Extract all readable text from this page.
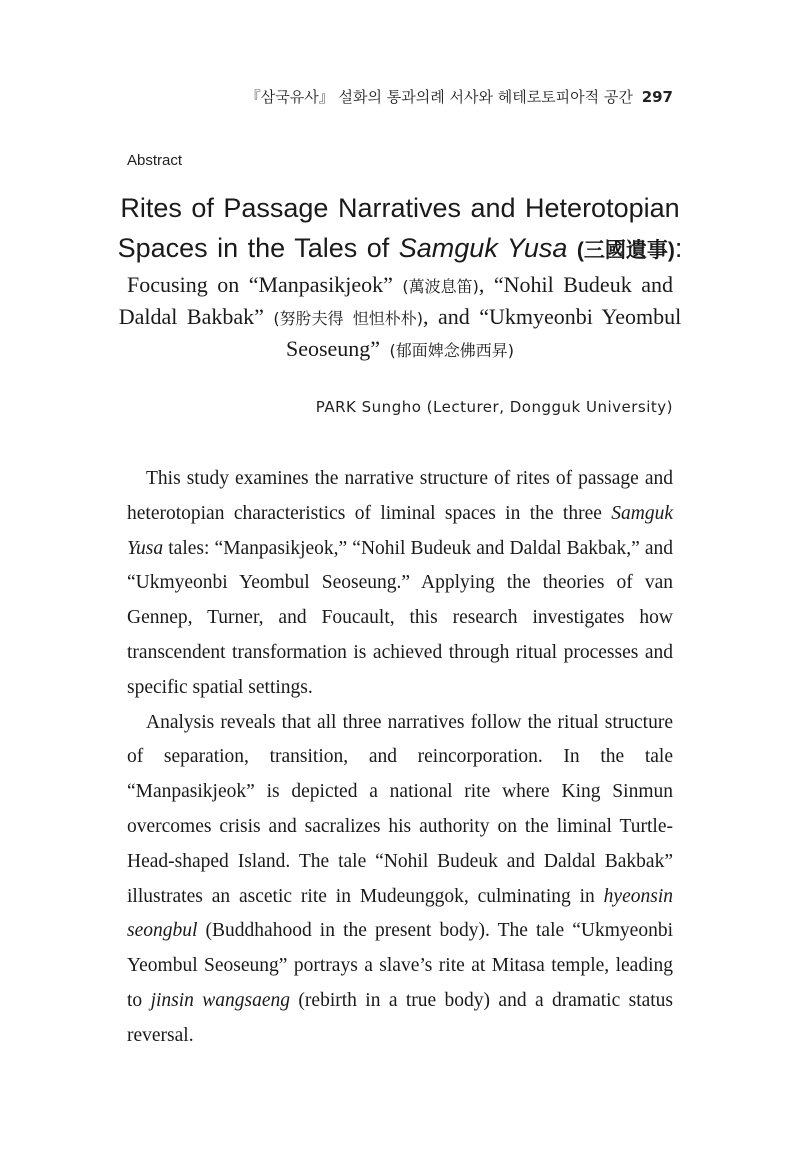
『삼국유사』 설화의 통과의례 서사와 헤테로토피아적 공간 297
Abstract
Rites of Passage Narratives and Heterotopian
Spaces in the Tales of Samguk Yusa (三國遺事):
Focusing on “Manpasikjeok” (萬波息笛), “Nohil Budeuk and Daldal Bakbak” (努肹夫得 怛怛朴朴), and “Ukmyeonbi Yeombul Seoseung” (郁面婢念佛西昇)
PARK Sungho (Lecturer, Dongguk University)

This study examines the narrative structure of rites of passage and heterotopian characteristics of liminal spaces in the three Samguk Yusa tales: “Manpasikjeok,” “Nohil Budeuk and Daldal Bakbak,” and “Ukmyeonbi Yeombul Seoseung.” Applying the theories of van Gennep, Turner, and Foucault, this research investigates how transcendent transformation is achieved through ritual processes and specific spatial settings.

Analysis reveals that all three narratives follow the ritual structure of separation, transition, and reincorporation. In the tale “Manpasikjeok” is depicted a national rite where King Sinmun overcomes crisis and sacralizes his authority on the liminal Turtle-Head-shaped Island. The tale “Nohil Budeuk and Daldal Bakbak” illustrates an ascetic rite in Mudeunggok, culminating in hyeonsin seongbul (Buddhahood in the present body). The tale “Ukmyeonbi Yeombul Seoseung” portrays a slave’s rite at Mitasa temple, leading to jinsin wangsaeng (rebirth in a true body) and a dramatic status reversal.
